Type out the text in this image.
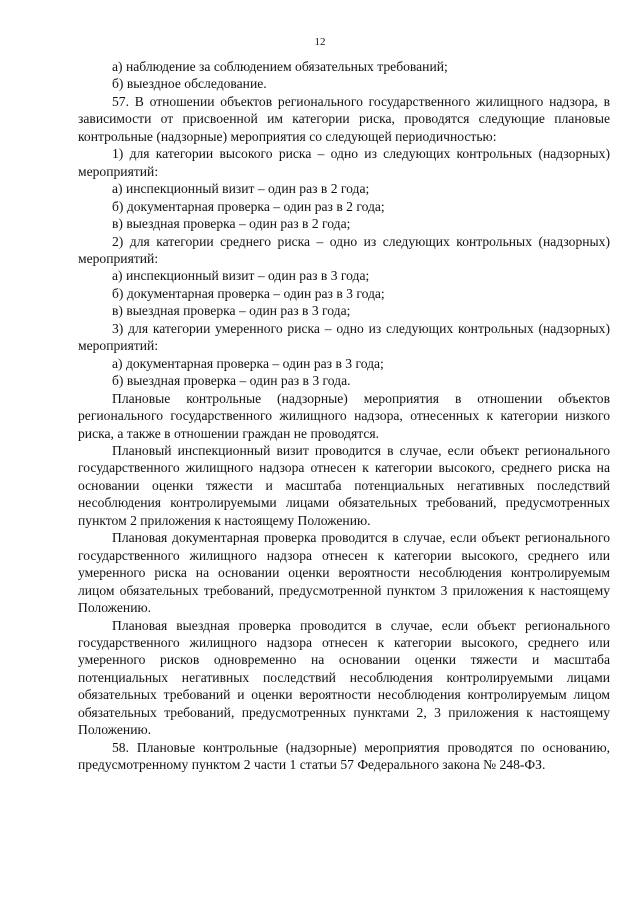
12

а) наблюдение за соблюдением обязательных требований;

б) выездное обследование.

57. В отношении объектов регионального государственного жилищного надзора, в зависимости от присвоенной им категории риска, проводятся следующие плановые контрольные (надзорные) мероприятия со следующей периодичностью:

1) для категории высокого риска – одно из следующих контрольных (надзорных) мероприятий:

а) инспекционный визит – один раз в 2 года;

б) документарная проверка – один раз в 2 года;

в) выездная проверка – один раз в 2 года;

2) для категории среднего риска – одно из следующих контрольных (надзорных) мероприятий:

а) инспекционный визит – один раз в 3 года;

б) документарная проверка – один раз в 3 года;

в) выездная проверка – один раз в 3 года;

3) для категории умеренного риска – одно из следующих контрольных (надзорных) мероприятий:

а) документарная проверка – один раз в 3 года;

б) выездная проверка – один раз в 3 года.

Плановые контрольные (надзорные) мероприятия в отношении объектов регионального государственного жилищного надзора, отнесенных к категории низкого риска, а также в отношении граждан не проводятся.

Плановый инспекционный визит проводится в случае, если объект регионального государственного жилищного надзора отнесен к категории высокого, среднего риска на основании оценки тяжести и масштаба потенциальных негативных последствий несоблюдения контролируемыми лицами обязательных требований, предусмотренных пунктом 2 приложения к настоящему Положению.

Плановая документарная проверка проводится в случае, если объект регионального государственного жилищного надзора отнесен к категории высокого, среднего или умеренного риска на основании оценки вероятности несоблюдения контролируемым лицом обязательных требований, предусмотренной пунктом 3 приложения к настоящему Положению.

Плановая выездная проверка проводится в случае, если объект регионального государственного жилищного надзора отнесен к категории высокого, среднего или умеренного рисков одновременно на основании оценки тяжести и масштаба потенциальных негативных последствий несоблюдения контролируемыми лицами обязательных требований и оценки вероятности несоблюдения контролируемым лицом обязательных требований, предусмотренных пунктами 2, 3 приложения к настоящему Положению.

58. Плановые контрольные (надзорные) мероприятия проводятся по основанию, предусмотренному пунктом 2 части 1 статьи 57 Федерального закона № 248-ФЗ.
